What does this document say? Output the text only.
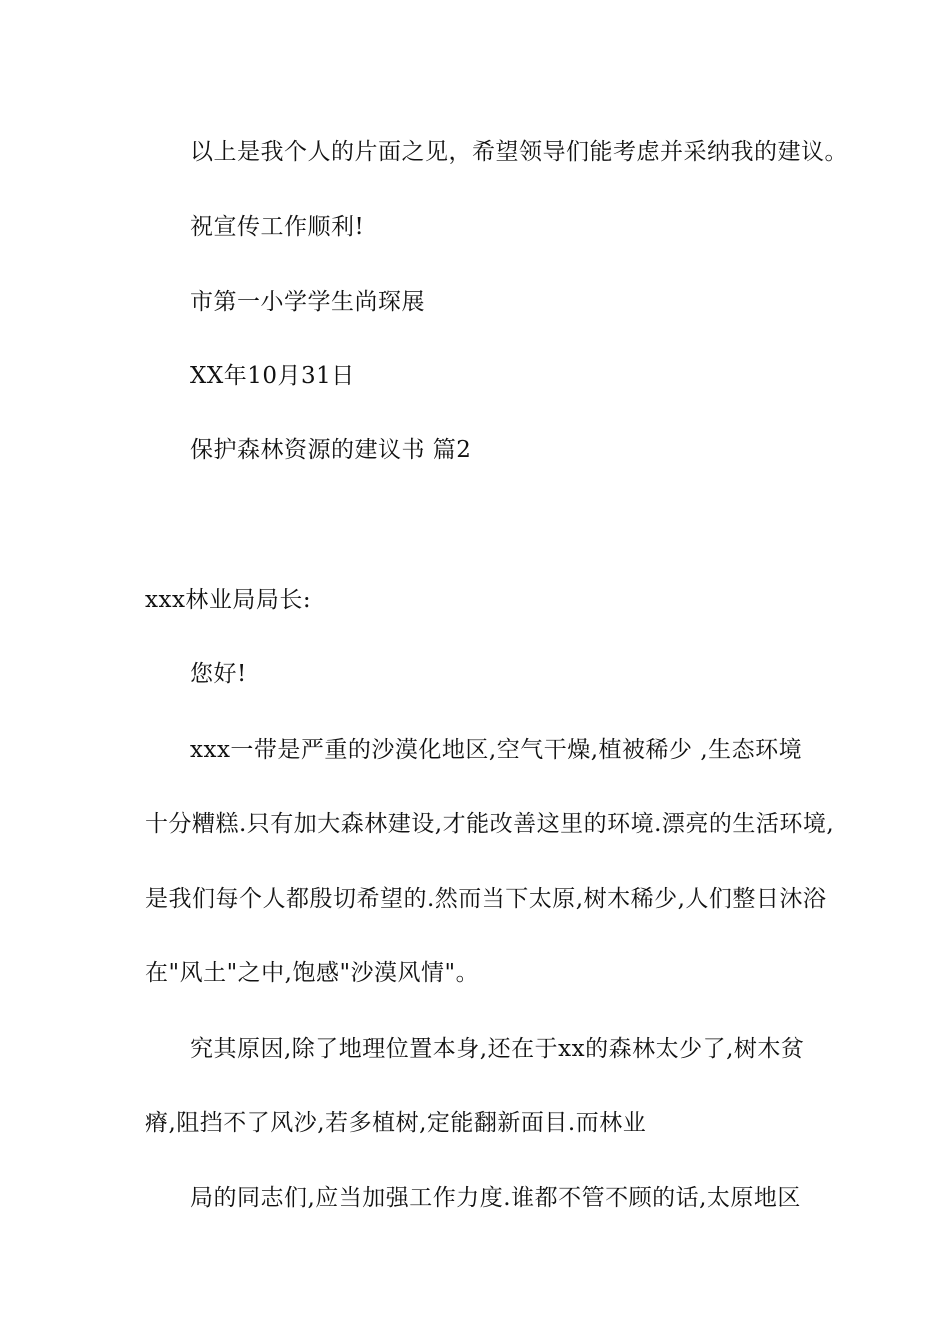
以上是我个人的片面之见，希望领导们能考虑并采纳我的建议。
祝宣传工作顺利!
市第一小学学生尚琛展
XX年10月31日
保护森林资源的建议书 篇2
xxx林业局局长:
您好!
xxx一带是严重的沙漠化地区,空气干燥,植被稀少 ,生态环境
十分糟糕.只有加大森林建设,才能改善这里的环境.漂亮的生活环境,
是我们每个人都殷切希望的.然而当下太原,树木稀少,人们整日沐浴
在"风土"之中,饱感"沙漠风情"。
究其原因,除了地理位置本身,还在于xx的森林太少了,树木贫
瘠,阻挡不了风沙,若多植树,定能翻新面目.而林业
局的同志们,应当加强工作力度.谁都不管不顾的话,太原地区
